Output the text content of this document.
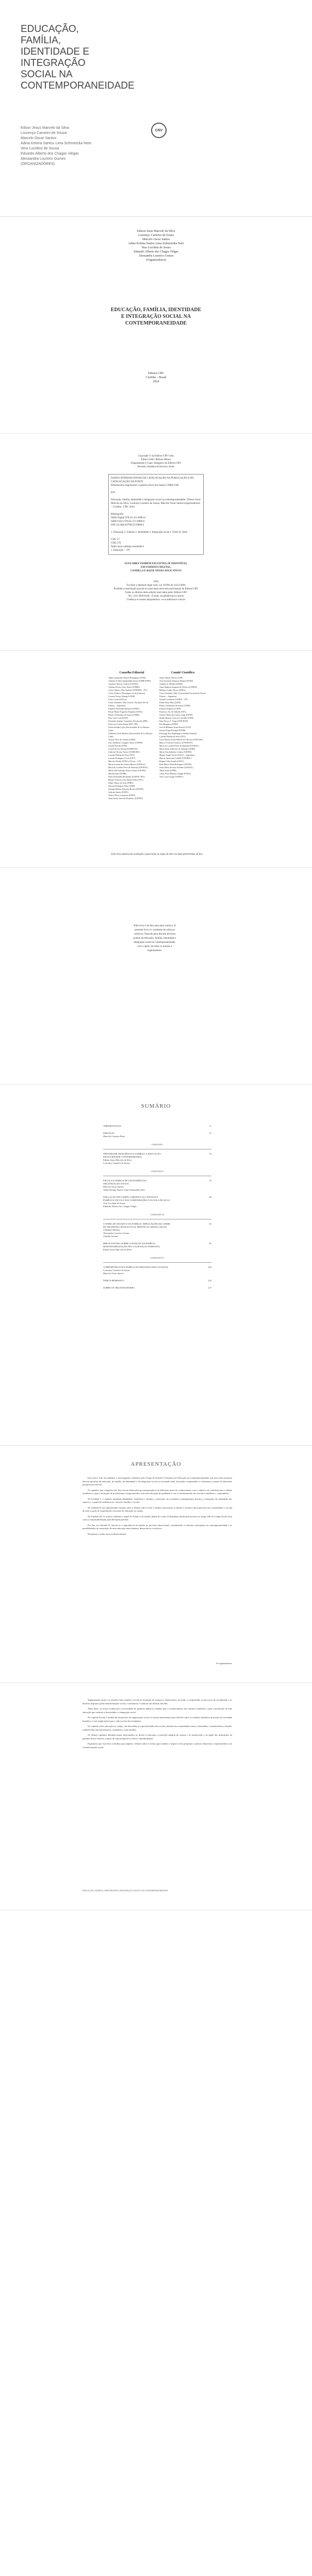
EDUCAÇÃO,
FAMÍLIA,
IDENTIDADE E
INTEGRAÇÃO
SOCIAL NA
CONTEMPORANEIDADE
Edson Jesus Marcelo da Silva
Lourenço Carneiro de Souza
Marcelo Oscar Santos
Adina Ketima Santos Lima Schmetz&a Neto
Vera Lucídeni de Sousa
Eduardo Alberto dos Chagas Viégas
Alessandra Loureiro Gomes
(ORGANIZADORES)
CRV
Edison Jesus Marcelo da Silva
Lourenço Carneiro de Souza
Marcelo Oscar Santos
Adina Ketima Santos Lima Schmetz&a Neto
Vera Lucídeni de Sousa
Eduardo Alberto dos Chagas Viégas
Alessandra Loureiro Gomes
(Organizadores)
EDUCAÇÃO, FAMÍLIA, IDENTIDADE
E INTEGRAÇÃO SOCIAL NA
CONTEMPORANEIDADE
Editora CRV
Curitiba – Brasil
2024
Copyright © da Editora CRV Ltda.
Editor-chefe: Railson Moura
Diagramação e Capa: Designers da Editora CRV
Revisão: Analista de Escrita e Artes
DADOS INTERNACIONAIS DE CATALOGAÇÃO NA PUBLICAÇÃO (CIP)
CATALOGAÇÃO NA FONTE
Bibliotecária responsável: Luzenira Alves dos Santos CRB9/1506

E26

Educação, família, identidade e integração social na contemporaneidade / Edison Jesus Marcelo da Silva, Lourenço Carneiro de Souza, Marcelo Oscar Santos (organizadores) – Curitiba : CRV, 2024.

Bibliografia
ISBN Digital 978-65-251-0000-0
ISBN Físico 978-65-251-0000-0
DOI 10.24824/978652510000.0

1. Educação 2. Família 3. Identidade 4. Integração social I. Título II. Série

CDU 37
CDD 370
Índice para catálogo sistemático
1. Educação – 370
ESTA OBRA TAMBÉM ENCONTRA-SE DISPONÍVEL
EM FORMATO DIGITAL.
CONHEÇA E BAIXE NOSSO APLICATIVO!
2024
Foi feito o depósito legal conf. Lei 10.994 de 14/12/2004
Proibida a reprodução parcial ou total desta obra sem autorização da Editora CRV
Todos os direitos desta edição reservados pela: Editora CRV
Tel.: (41) 3039-6418 - E-mail: sac@editoracrv.com.br
Conheça os nossos lançamentos: www.editoracrv.com.br
Conselho Editorial
Aldira Guimarães Duarte Domínguez (UNB)
Andréia da Silva Quintanilha Sousa (UNIR/UFRN)
Anselmo Alencar Colares (UFOPA)
Antônio Pereira Gaio Júnior (UFRRJ)
Carlos Alberto Vilar Estêvão (UMINHO – PT)
Carlos Federico Dominguez Avila (Unieuro)
Carmen Tereza Velanga (UNIR)
Celso Conti (UFSCar)
Cesar Gerónimo Tello (Univer. Nacional Três de Febrero – Argentina)
Eduardo Fernandes Barbosa (UFMG)
Elione Maria Nogueira Diogenes (UFAL)
Elizeu Clementino de Souza (UNEB)
Élsio José Corá (UFFS)
Fernando Antônio Gonçalves Alcoforado (IPB)
Francisco Carlos Duarte (PUC-PR)
Gloria Fariñas León (Universidade de La Havana – Cuba)
Guillermo Arias Beatón (Universidade de La Havana – Cuba)
Jailson Alves dos Santos (UFRJ)
João Adalberto Campato Junior (UNESP)
Josania Portela (UFPI)
Leonel Severo Rocha (UNISINOS)
Lídia de Oliveira Xavier (UNIEURO)
Lourdes Helena da Silva (UFV)
Luciano Rodrigues Costa (UFV)
Marcelo Paixão (UFRJ e UTexas – US)
Maria Cristina dos Santos Bezerra (UFSCar)
Maria de Lourdes Pinto de Almeida (UNOESC)
Maria Lília Imbiriba Sousa Colares (UFOPA)
Mariah Sales (UFRR)
Paulo Romualdo Hernandes (UNIFAL-MG)
Renato Francisco dos Santos Paula (UFG)
Sérgio Nunes de Jesus (IFRO)
Simone Rodrigues Pinto (UNB)
Solange Helena Ximenes-Rocha (UFOPA)
Sydione Santos (UEPG)
Tadeu Oliver Gonçalves (UFPA)
Tania Suely Azevedo Brasileiro (UFOPA)
Comitê Científico
Altair Alberto Fávero (UPF)
Ana Chrystina Venancio Mignot (UERJ)
Andréia N. Militão (UEMS)
Anna Augusta Sampaio de Oliveira (UNESP)
Bárbara Coelho Neves (UFBA)
Cesar Gerónimo Tello (Universidad Nacional de Três de Febrero – Argentina)
Diosnel Centurion (UNIDA – PY)
Eliane Rose Maio (UEM)
Elizeu Clementino de Souza (UNEB)
Fauston Negreiros (UFPI)
Francisco Ari de Andrade (UFC)
Gláucia Maria dos Santos Jorge (UFOP)
Helder Buenos Aires de Carvalho (UFPI)
Ilma Passos A. Veiga (UNICEUB)
Inês Bragança (UERJ)
José de Ribamar Sousa Pereira (UCB)
Jussara Fraga Portugal (UNEB)
Kilwangy Kya Kapitango-a-Samba (Unemat)
Lourdes Helena da Silva (UFV)
Lucia Marisy Souza Ribeiro de Oliveira (UNIVASF)
Marcos Vinicius Francisco (UNOESTE)
Maria de Lourdes Pinto de Almeida (UNOESC)
Maria Eurácia Barreto de Andrade (UFRB)
Maria Lília Imbiriba Colares (UFOPA)
Míguel Ángel Arrinõ (UNCA – Argentina)
Marcia Aparecida Cichella (UNOESC)
Regina Célia Grando (UFSC)
Ruth Meyre Mota Rodrigues (UFOPA)
Sonia Maria Ferreira Koehler (UNISAL)
Tânia Stoltz (UFPR)
Vânia Alves Martins Chaigar (FURG)
Vera Lucia Gaspar (UDESC)
Este livro passou por avaliação e aprovação às cegas de dois ou mais pareceristas ad hoc.
Todo livro é de fato uma obra coletiva. O
presente livro é o resultado de esforços
coletivos. Nascido para discutir diversos
pontos da educação, família, identidade e
integração social na contemporaneidade,
com o apoio de todos os autores e
organizadores.
SUMÁRIO
APRESENTAÇÃO	11
PREFÁCIO
Marcelo Ciqueira Pinto
15
UNIDADE I
IDENTIDADE, RESILIÊNCIA E FAMÍLIA: A EDUCAÇÃO
EM SOCIEDADE CONTEMPORÂNEA
Edison Jesus Marcelo da Silva
Lourenço Carneiro de Souza
19
UNIDADE II
ESCOLA E FAMÍLIA DE UM PATERNO DA
ORGANIZAÇÃO SOCIAL
Marcelo Oscar Santos
Adina Ketima Santos Lima Schmetz&a Neto
35
EDUCAÇÃO EM CAMPO: LIMITES E ALCANCES DA
FAMÍLIA E ESCOLA NAS COMUNIDADES E NA SALA DE AULA
Vera Lucídeni de Sousa
Eduardo Alberto dos Chagas Viégas
49
UNIDADE III
O PAPEL DO ESTADO E DA FAMÍLIA: IMPLICAÇÕES DO CRIME
DE ABANDONO INTELECTUAL FRENTE AO ARTIGO 246 DO
CÓDIGO PENAL
Alessandra Loureiro Gomes
Cláudia Amaral
63
BREVE ESTUDO SOBRE A PUNIÇÃO DA FAMÍLIA
RESPONSABILIZAÇÃO PELA ALIENAÇÃO PARENTAL
Edison Jesus Marcelo da Silva
81
UNIDADE IV
A IMPORTÂNCIA DA FAMÍLIA NO PROCESSO EDUCACIONAL
Lourenço Carneiro de Souza
Marcelo Oscar Santos
103
ÍNDICE REMISSIVO	125
SOBRE OS ORGANIZADORES	127
APRESENTAÇÃO

Esta obra é fruto de trabalhos e investigações realizados pelo Grupo de Estudos e Pesquisa em Educação na Contemporaneidade, que tem como proposta discutir questões da educação, da família, da identidade e da integração social na sociedade atual, buscando compreender os fenômenos a partir de diferentes perspectivas teóricas.

Os capítulos que compõem este livro foram elaborados por pesquisadores de diferentes áreas do conhecimento, com o objetivo de contribuir para o debate acadêmico e para a formação de profissionais comprometidos com uma educação de qualidade e com o fortalecimento dos vínculos familiares e comunitários.

Na Unidade I, o capítulo intitulado Identidade, resiliência e família: a educação em sociedade contemporânea discute a construção da identidade dos sujeitos e o papel da resiliência no contexto familiar e escolar.

Na Unidade II, são apresentados estudos sobre a relação entre escola e família, destacando os limites e alcances dessa parceria nas comunidades e na sala de aula, a partir de experiências concretas de educação no campo.

Na Unidade III, os autores analisam o papel do Estado e da família diante do crime de abandono intelectual previsto no artigo 246 do Código Penal, bem como a responsabilização pela alienação parental.

Por fim, na Unidade IV, discute-se a importância da família no processo educacional, considerando os desafios enfrentados na contemporaneidade e as possibilidades de construção de uma educação mais humana, democrática e inclusiva.

Desejamos a todos uma excelente leitura!

Os organizadores

Segmentação racial e as relações entre família e escola na formação de crianças e adolescentes, de modo a compreender os processos de socialização e os desafios impostos pelas transformações sociais, econômicas e culturais das últimas décadas.

Além disso, os textos evidenciam a necessidade de políticas públicas voltadas para o fortalecimento dos vínculos familiares e para a promoção de uma educação que valorize a diversidade e a integração social.

No capítulo Escola e família de um paterno da organização social, os autores apresentam uma reflexão sobre os modelos familiares presentes na sociedade brasileira e suas implicações para a vida escolar dos estudantes.

No capítulo sobre educação no campo, são discutidas as especificidades das escolas situadas em comunidades rurais e ribeirinhas, considerando as relações estabelecidas entre professores, estudantes e suas famílias.

Os demais capítulos abordam temas relacionados ao direito à educação, à proteção integral da criança e do adolescente e ao papel das instituições na garantia desses direitos, a partir de uma perspectiva crítica e interdisciplinar.

Esperamos que esta obra contribua para ampliar o debate sobre os temas aqui tratados e inspire novas pesquisas e práticas educativas comprometidas com a transformação social.

EDUCAÇÃO, FAMÍLIA, IDENTIDADE E INTEGRAÇÃO SOCIAL NA CONTEMPORANEIDADE
